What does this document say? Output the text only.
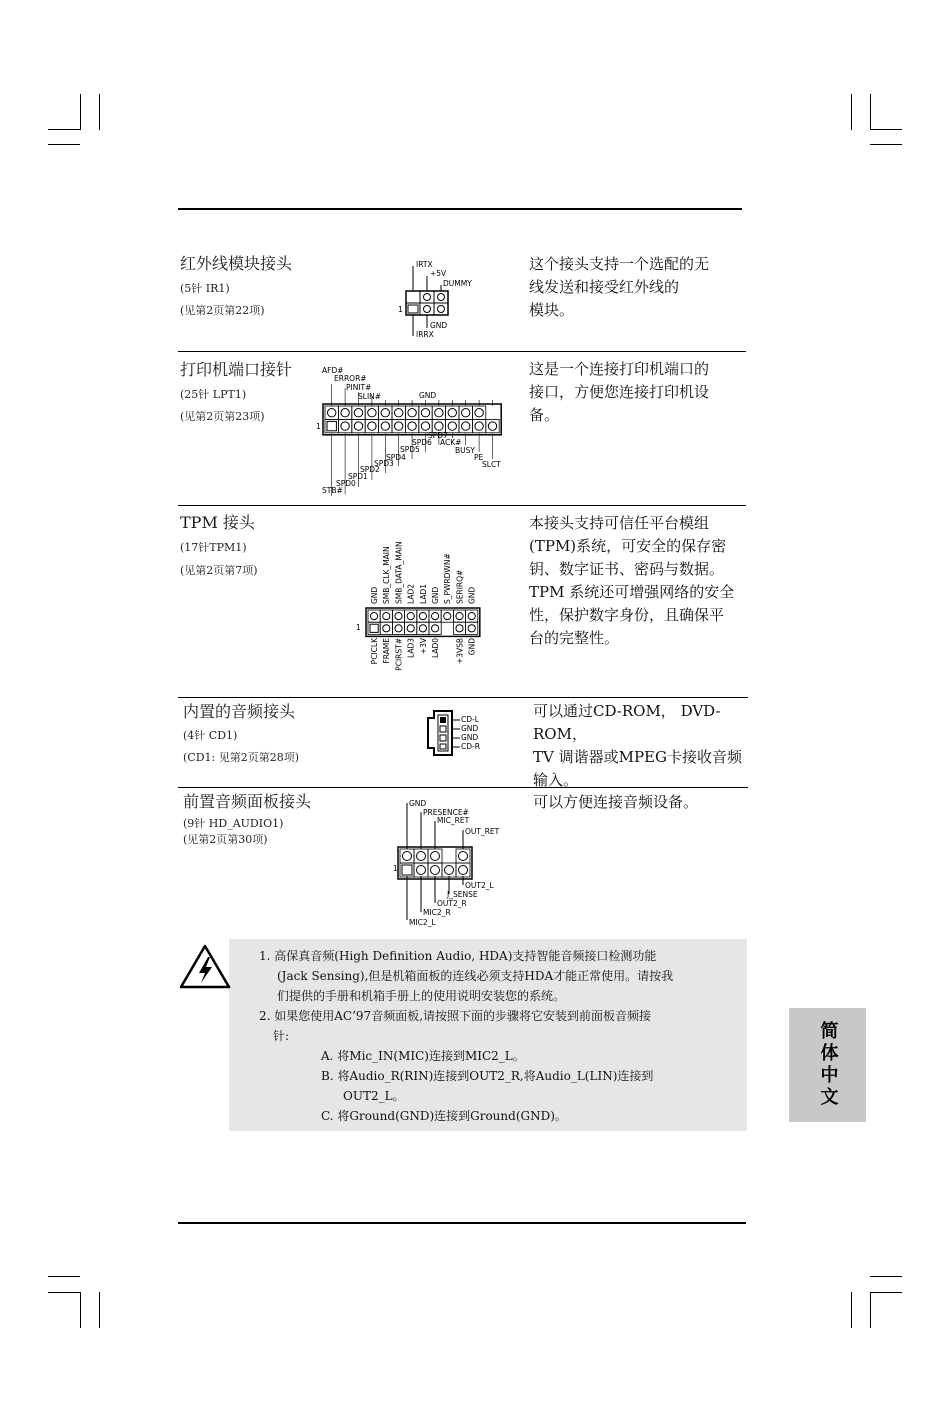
红外线模块接头
(5针 IR1)
(见第2页第22项)
这个接头支持一个选配的无
线发送和接受红外线的
模块。
IRTX
+5V
DUMMY
1
GND
IRRX
打印机端口接针
(25针 LPT1)
(见第2页第23项)
这是一个连接打印机端口的
接口，方便您连接打印机设
备。
AFD#
ERROR#
PINIT#
SLIN#	GND
1
SPD7
ACK#
BUSY
PE
SLCT
SPD6
SPD5
SPD4
SPD3
SPD2
SPD1
SPD0
STB#
TPM 接头
(17针TPM1)
(见第2页第7项)
本接头支持可信任平台模组
(TPM)系统，可安全的保存密
钥、数字证书、密码与数据。
TPM 系统还可增强网络的安全
性，保护数字身份，且确保平
台的完整性。
GND SMB_CLK_MAIN SMB_DATA_MAIN LAD2 LAD1 GND S_PWRDWN# SERIRQ# GND
PCICLK FRAME PCIRST# LAD3 +3V LAD0 +3VSB GND
1
内置的音频接头
(4针 CD1)
(CD1: 见第2页第28项)
可以通过CD-ROM， DVD-ROM，
TV 调谐器或MPEG卡接收音频
输入。
CD-L
GND
GND
CD-R
前置音频面板接头
(9针 HD_AUDIO1)
(见第2页第30项)
可以方便连接音频设备。
GND
PRESENCE#
MIC_RET
OUT_RET
1
OUT2_L
J_SENSE
OUT2_R
MIC2_R
MIC2_L
1. 高保真音频(High Definition Audio, HDA)支持智能音频接口检测功能
(Jack Sensing),但是机箱面板的连线必须支持HDA才能正常使用。请按我
们提供的手册和机箱手册上的使用说明安装您的系统。
2. 如果您使用AC’97音频面板,请按照下面的步骤将它安装到前面板音频接
针:
A. 将Mic_IN(MIC)连接到MIC2_L。
B. 将Audio_R(RIN)连接到OUT2_R,将Audio_L(LIN)连接到
OUT2_L。
C. 将Ground(GND)连接到Ground(GND)。
简体中文
